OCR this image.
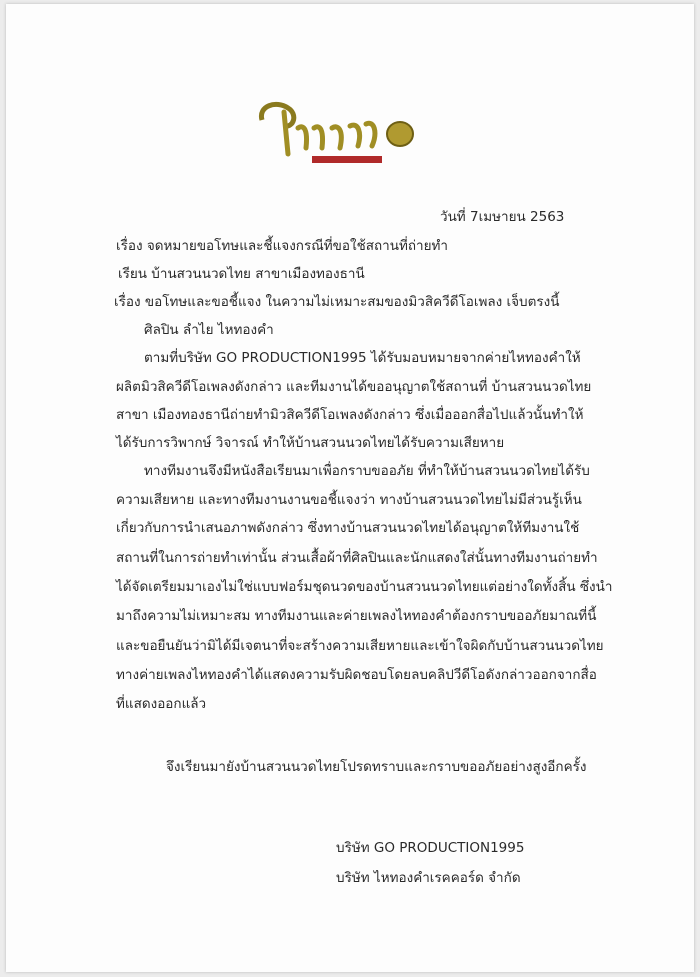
วันที่ 7เมษายน 2563
เรื่อง จดหมายขอโทษและชี้แจงกรณีที่ขอใช้สถานที่ถ่ายทำ
เรียน บ้านสวนนวดไทย สาขาเมืองทองธานี
เรื่อง ขอโทษและขอชี้แจง ในความไม่เหมาะสมของมิวสิควีดีโอเพลง เจ็บตรงนี้
ศิลปิน ลำไย ไหทองคำ
ตามที่บริษัท GO PRODUCTION1995 ได้รับมอบหมายจากค่ายไหทองคำให้
ผลิตมิวสิควีดีโอเพลงดังกล่าว และทีมงานได้ขออนุญาตใช้สถานที่ บ้านสวนนวดไทย
สาขา เมืองทองธานีถ่ายทำมิวสิควีดีโอเพลงดังกล่าว ซึ่งเมื่อออกสื่อไปแล้วนั้นทำให้
ได้รับการวิพากษ์ วิจารณ์ ทำให้บ้านสวนนวดไทยได้รับความเสียหาย
ทางทีมงานจึงมีหนังสือเรียนมาเพื่อกราบขออภัย ที่ทำให้บ้านสวนนวดไทยได้รับ
ความเสียหาย และทางทีมงานงานขอชี้แจงว่า ทางบ้านสวนนวดไทยไม่มีส่วนรู้เห็น
เกี่ยวกับการนำเสนอภาพดังกล่าว ซึ่งทางบ้านสวนนวดไทยได้อนุญาตให้ทีมงานใช้
สถานที่ในการถ่ายทำเท่านั้น ส่วนเสื้อผ้าที่ศิลปินและนักแสดงใส่นั้นทางทีมงานถ่ายทำ
ได้จัดเตรียมมาเองไม่ใช่แบบฟอร์มชุดนวดของบ้านสวนนวดไทยแต่อย่างใดทั้งสิ้น ซึ่งนำ
มาถึงความไม่เหมาะสม ทางทีมงานและค่ายเพลงไหทองคำต้องกราบขออภัยมาณที่นี้
และขอยืนยันว่ามิได้มีเจตนาที่จะสร้างความเสียหายและเข้าใจผิดกับบ้านสวนนวดไทย
ทางค่ายเพลงไหทองคำได้แสดงความรับผิดชอบโดยลบคลิปวีดีโอดังกล่าวออกจากสื่อ
ที่แสดงออกแล้ว
จึงเรียนมายังบ้านสวนนวดไทยโปรดทราบและกราบขออภัยอย่างสูงอีกครั้ง
บริษัท GO PRODUCTION1995
บริษัท ไหทองคำเรคคอร์ด จำกัด
